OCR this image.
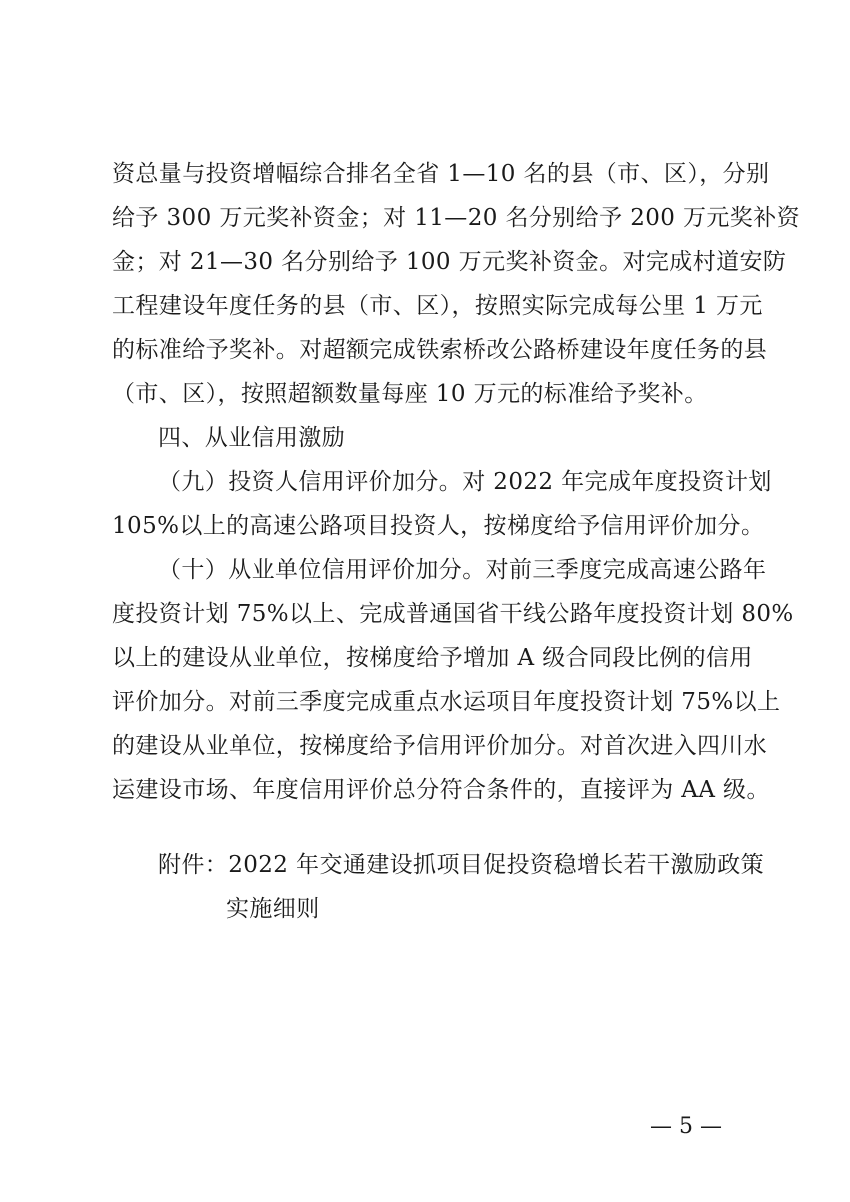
资总量与投资增幅综合排名全省 1—10 名的县（市、区），分别
给予 300 万元奖补资金；对 11—20 名分别给予 200 万元奖补资
金；对 21—30 名分别给予 100 万元奖补资金。对完成村道安防
工程建设年度任务的县（市、区），按照实际完成每公里 1 万元
的标准给予奖补。对超额完成铁索桥改公路桥建设年度任务的县
（市、区），按照超额数量每座 10 万元的标准给予奖补。
四、从业信用激励
（九）投资人信用评价加分。对 2022 年完成年度投资计划
105%以上的高速公路项目投资人，按梯度给予信用评价加分。
（十）从业单位信用评价加分。对前三季度完成高速公路年
度投资计划 75%以上、完成普通国省干线公路年度投资计划 80%
以上的建设从业单位，按梯度给予增加 A 级合同段比例的信用
评价加分。对前三季度完成重点水运项目年度投资计划 75%以上
的建设从业单位，按梯度给予信用评价加分。对首次进入四川水
运建设市场、年度信用评价总分符合条件的，直接评为 AA 级。
附件：2022 年交通建设抓项目促投资稳增长若干激励政策
实施细则
— 5 —
